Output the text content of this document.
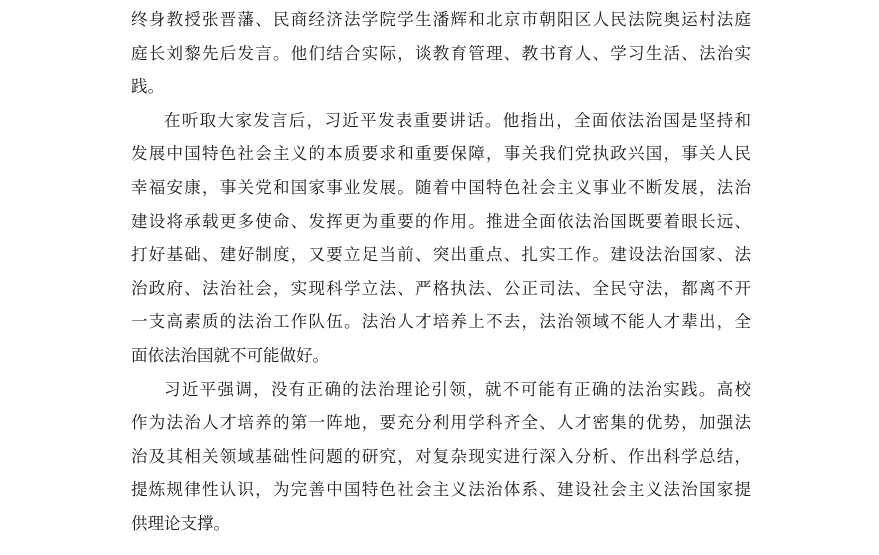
终身教授张晋藩、民商经济法学院学生潘辉和北京市朝阳区人民法院奥运村法庭
庭长刘黎先后发言。他们结合实际，谈教育管理、教书育人、学习生活、法治实
践。

在听取大家发言后，习近平发表重要讲话。他指出，全面依法治国是坚持和
发展中国特色社会主义的本质要求和重要保障，事关我们党执政兴国，事关人民
幸福安康，事关党和国家事业发展。随着中国特色社会主义事业不断发展，法治
建设将承载更多使命、发挥更为重要的作用。推进全面依法治国既要着眼长远、
打好基础、建好制度，又要立足当前、突出重点、扎实工作。建设法治国家、法
治政府、法治社会，实现科学立法、严格执法、公正司法、全民守法，都离不开
一支高素质的法治工作队伍。法治人才培养上不去，法治领域不能人才辈出，全
面依法治国就不可能做好。

习近平强调，没有正确的法治理论引领，就不可能有正确的法治实践。高校
作为法治人才培养的第一阵地，要充分利用学科齐全、人才密集的优势，加强法
治及其相关领域基础性问题的研究，对复杂现实进行深入分析、作出科学总结，
提炼规律性认识，为完善中国特色社会主义法治体系、建设社会主义法治国家提
供理论支撑。
